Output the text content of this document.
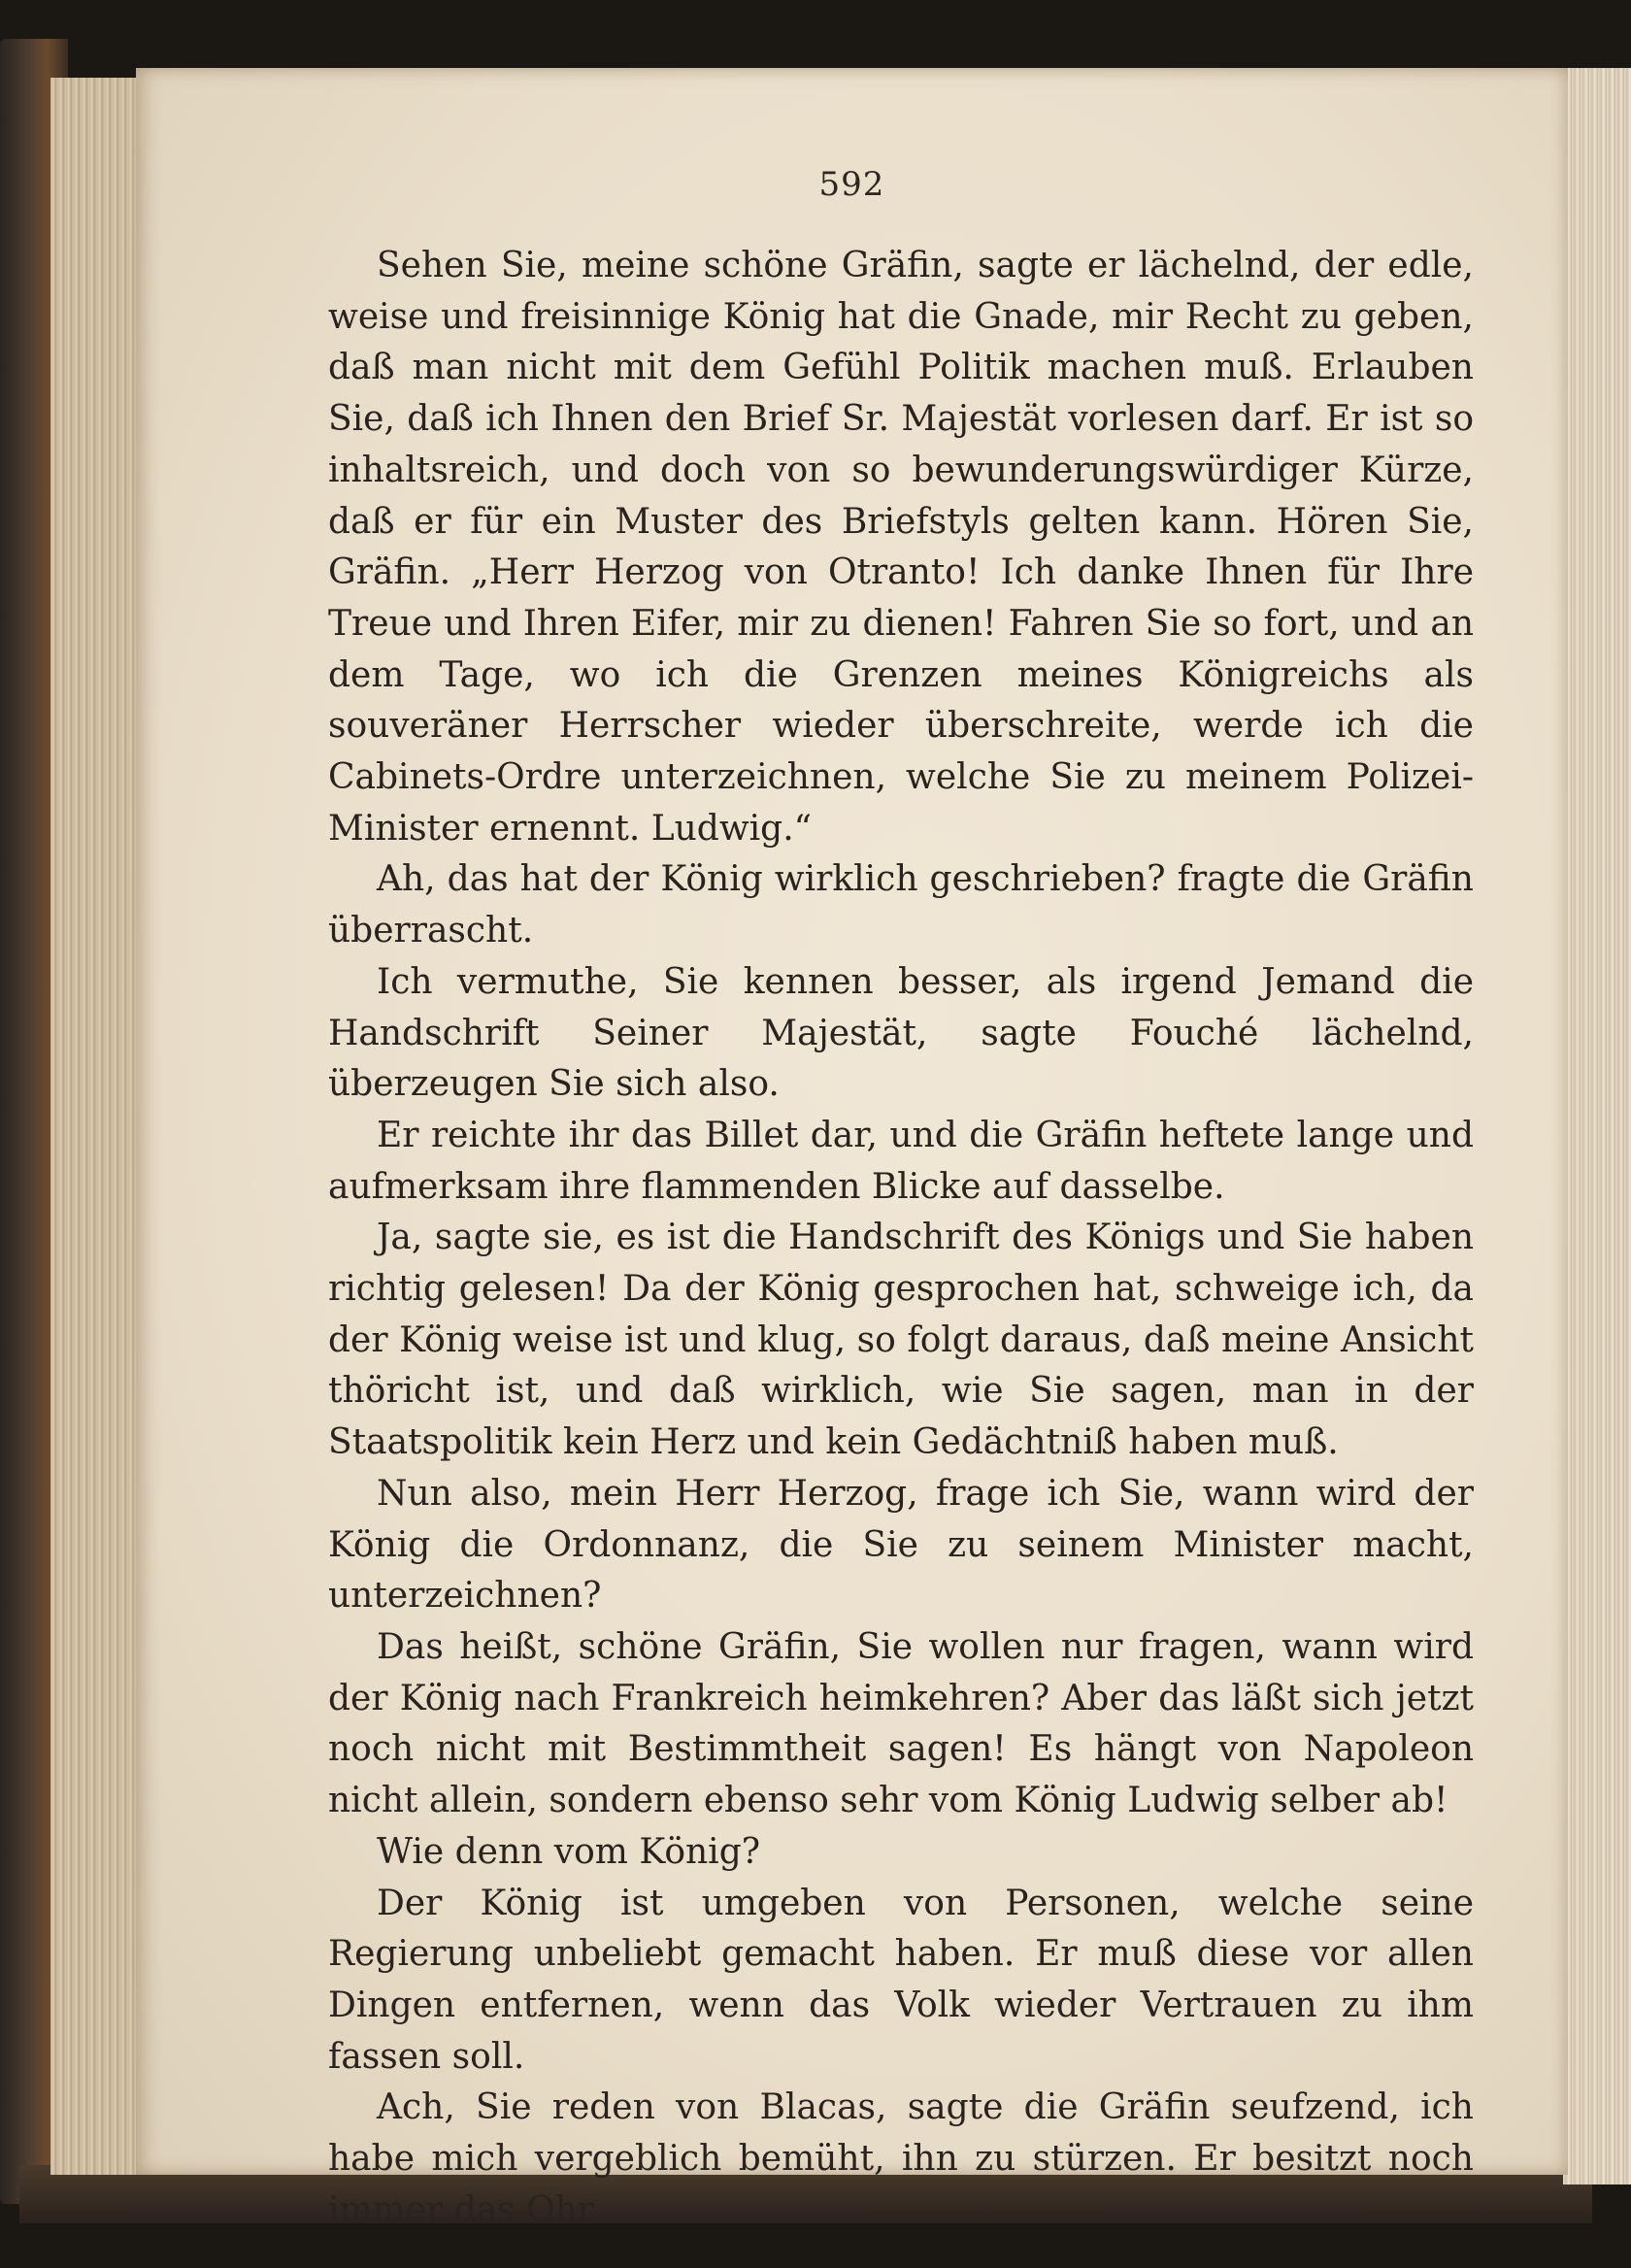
592

Sehen Sie, meine schöne Gräfin, sagte er lächelnd, der edle, weise und freisinnige König hat die Gnade, mir Recht zu geben, daß man nicht mit dem Gefühl Politik machen muß. Erlauben Sie, daß ich Ihnen den Brief Sr. Majestät vorlesen darf. Er ist so inhaltsreich, und doch von so bewunderungswürdiger Kürze, daß er für ein Muster des Briefstyls gelten kann. Hören Sie, Gräfin. „Herr Herzog von Otranto! Ich danke Ihnen für Ihre Treue und Ihren Eifer, mir zu dienen! Fahren Sie so fort, und an dem Tage, wo ich die Grenzen meines Königreichs als souveräner Herrscher wieder überschreite, werde ich die Cabinets-Ordre unterzeichnen, welche Sie zu meinem Polizei-Minister ernennt. Ludwig.“

Ah, das hat der König wirklich geschrieben? fragte die Gräfin überrascht.

Ich vermuthe, Sie kennen besser, als irgend Jemand die Handschrift Seiner Majestät, sagte Fouché lächelnd, überzeugen Sie sich also.

Er reichte ihr das Billet dar, und die Gräfin heftete lange und aufmerksam ihre flammenden Blicke auf dasselbe.

Ja, sagte sie, es ist die Handschrift des Königs und Sie haben richtig gelesen! Da der König gesprochen hat, schweige ich, da der König weise ist und klug, so folgt daraus, daß meine Ansicht thöricht ist, und daß wirklich, wie Sie sagen, man in der Staatspolitik kein Herz und kein Gedächtniß haben muß.

Nun also, mein Herr Herzog, frage ich Sie, wann wird der König die Ordonnanz, die Sie zu seinem Minister macht, unterzeichnen?

Das heißt, schöne Gräfin, Sie wollen nur fragen, wann wird der König nach Frankreich heimkehren? Aber das läßt sich jetzt noch nicht mit Bestimmtheit sagen! Es hängt von Napoleon nicht allein, sondern ebenso sehr vom König Ludwig selber ab!

Wie denn vom König?

Der König ist umgeben von Personen, welche seine Regierung unbeliebt gemacht haben. Er muß diese vor allen Dingen entfernen, wenn das Volk wieder Vertrauen zu ihm fassen soll.

Ach, Sie reden von Blacas, sagte die Gräfin seufzend, ich habe mich vergeblich bemüht, ihn zu stürzen. Er besitzt noch immer das Ohr
